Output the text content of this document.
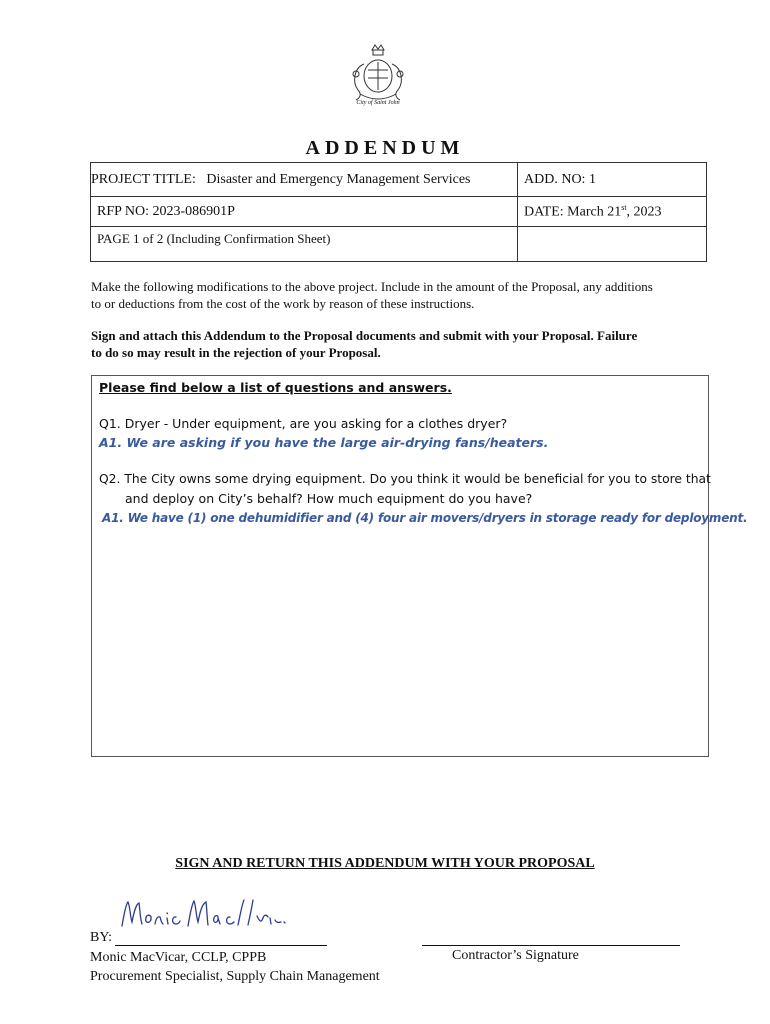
City of Saint John
ADDENDUM
PROJECT TITLE: Disaster and Emergency Management Services	ADD. NO: 1
RFP NO: 2023-086901P	DATE: March 21st, 2023
PAGE 1 of 2 (Including Confirmation Sheet)	
Make the following modifications to the above project. Include in the amount of the Proposal, any additions
to or deductions from the cost of the work by reason of these instructions.
Sign and attach this Addendum to the Proposal documents and submit with your Proposal. Failure
to do so may result in the rejection of your Proposal.
Please find below a list of questions and answers.
Q1. Dryer - Under equipment, are you asking for a clothes dryer?
A1. We are asking if you have the large air-drying fans/heaters.
Q2. The City owns some drying equipment. Do you think it would be beneficial for you to store that
and deploy on City’s behalf? How much equipment do you have?
A1. We have (1) one dehumidifier and (4) four air movers/dryers in storage ready for deployment.
SIGN AND RETURN THIS ADDENDUM WITH YOUR PROPOSAL
BY:
Monic MacVicar, CCLP, CPPB
Procurement Specialist, Supply Chain Management
Contractor’s Signature
